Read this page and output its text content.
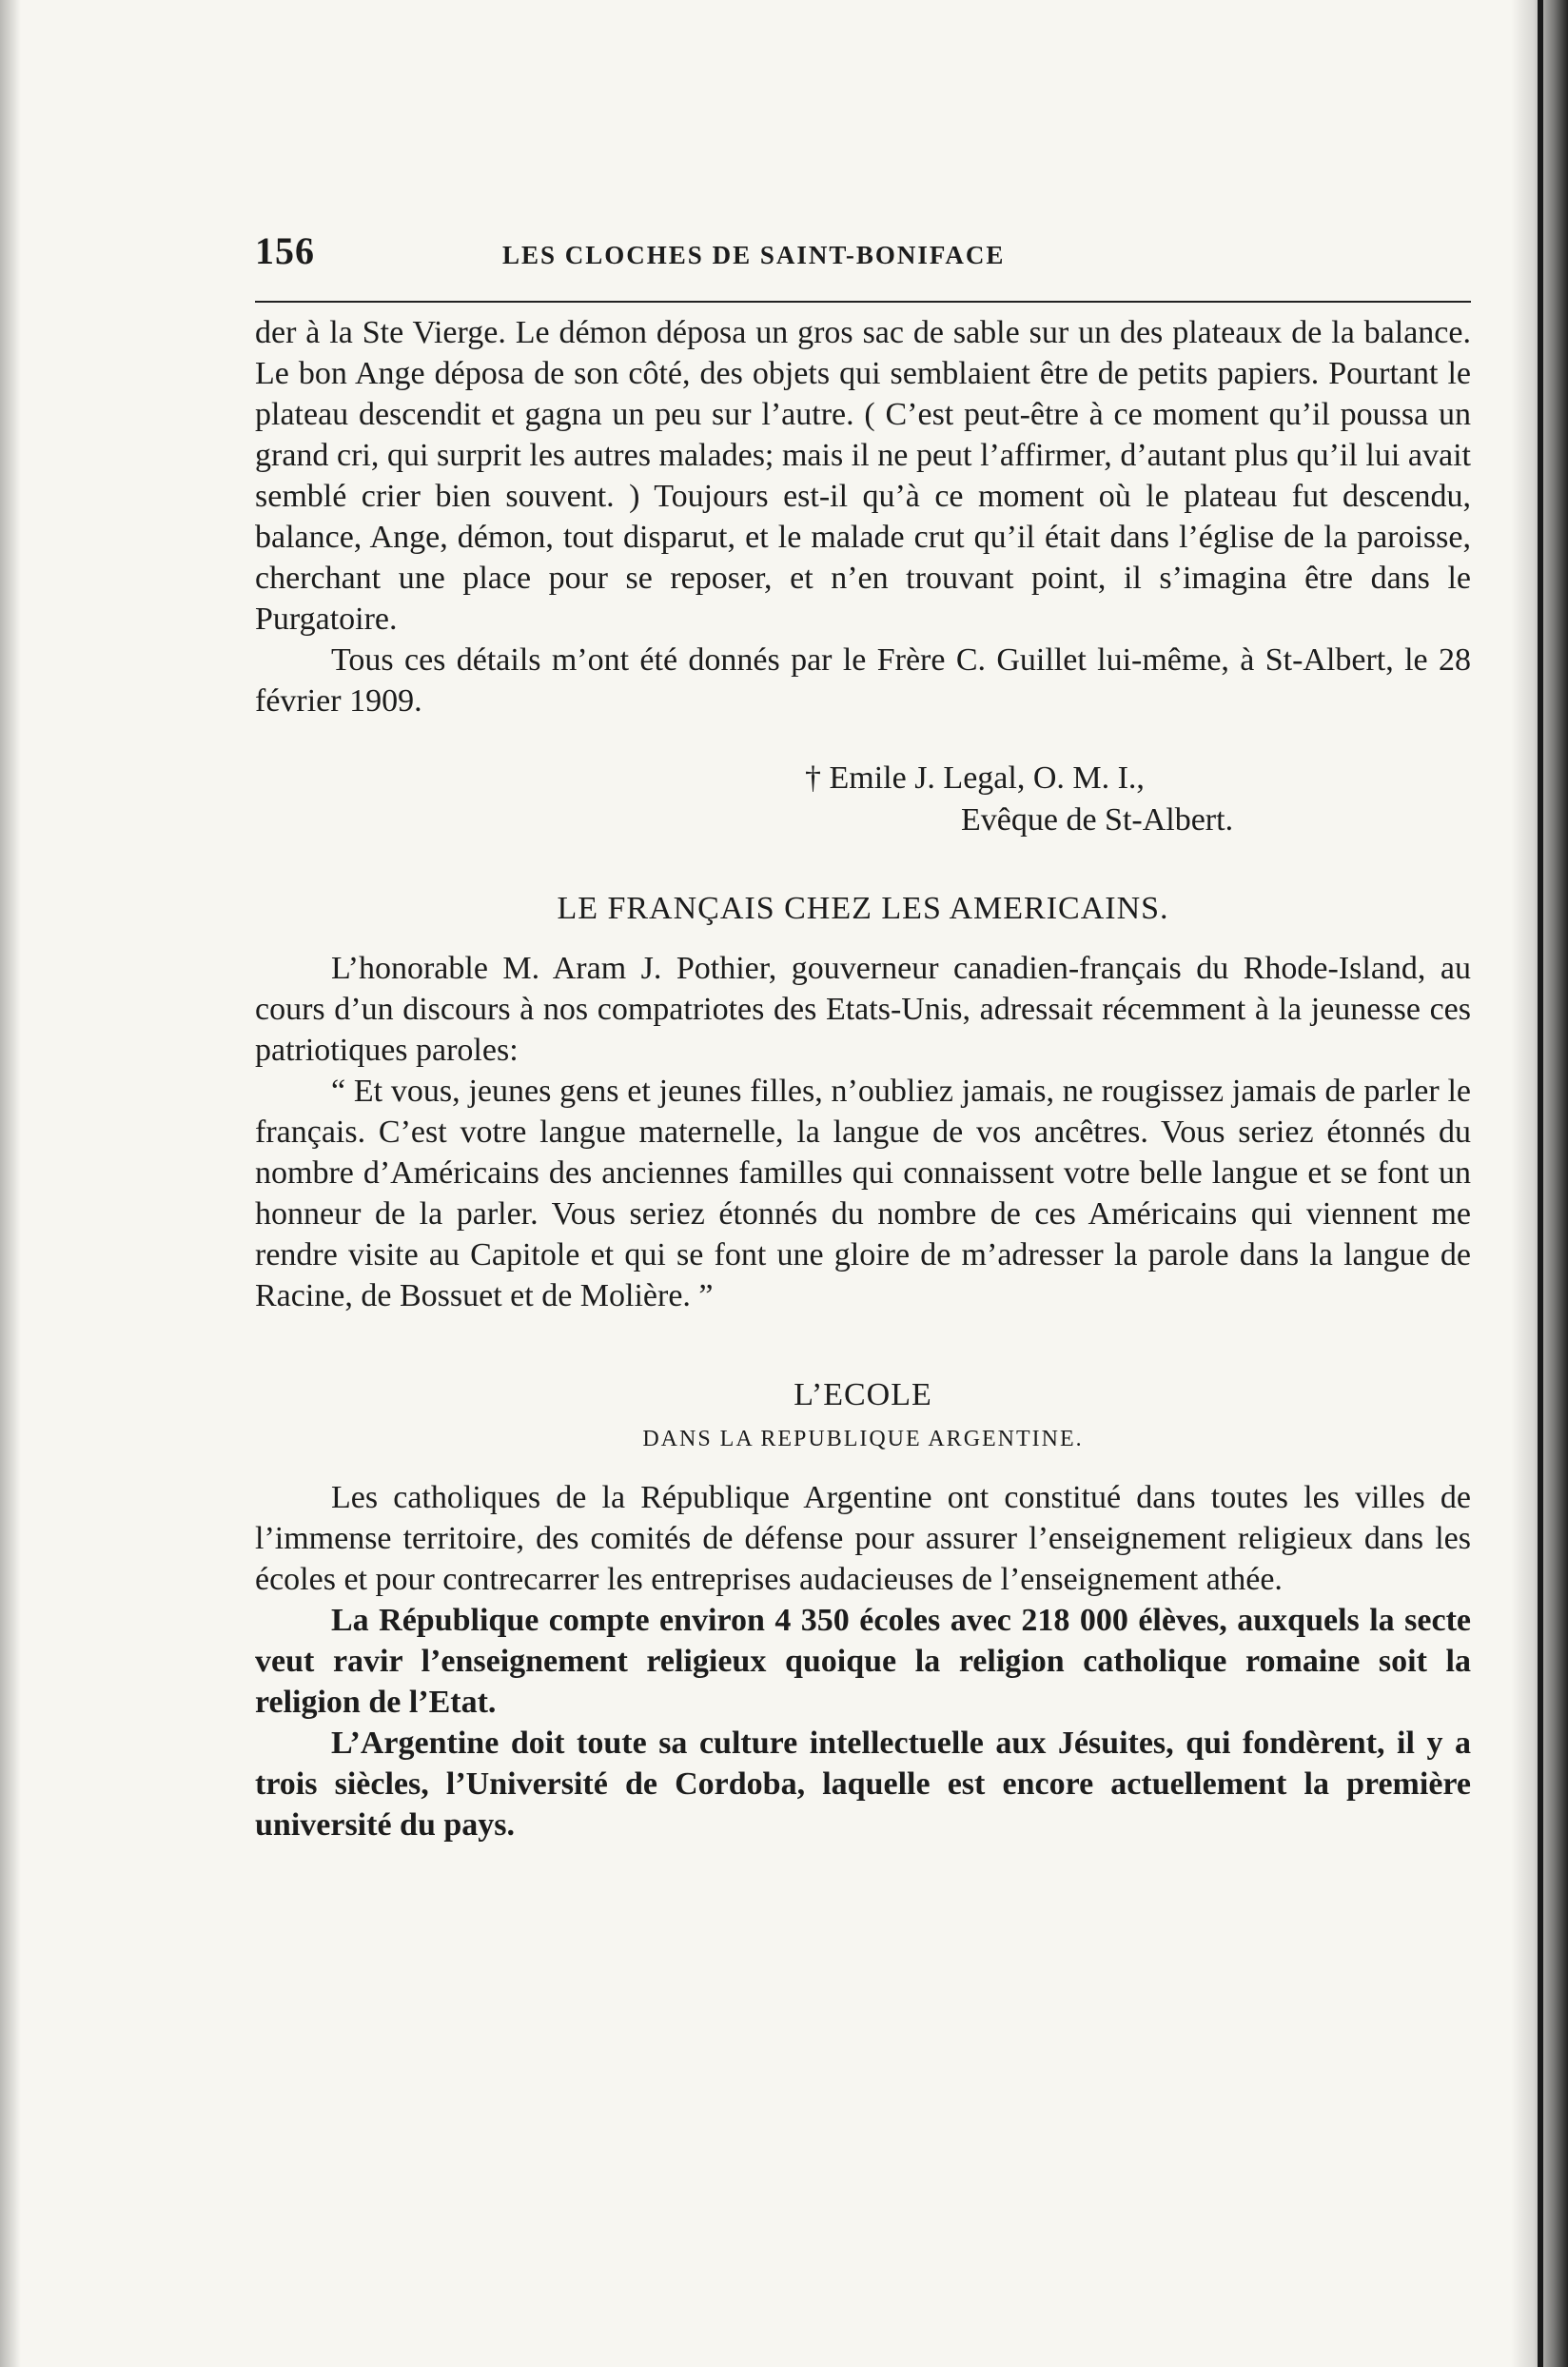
156	LES CLOCHES DE SAINT-BONIFACE

der à la Ste Vierge. Le démon déposa un gros sac de sable sur un des plateaux de la balance. Le bon Ange déposa de son côté, des objets qui semblaient être de petits papiers. Pourtant le plateau descendit et gagna un peu sur l’autre. ( C’est peut-être à ce moment qu’il poussa un grand cri, qui surprit les autres malades; mais il ne peut l’affirmer, d’autant plus qu’il lui avait semblé crier bien souvent. ) Toujours est-il qu’à ce moment où le plateau fut descendu, balance, Ange, démon, tout disparut, et le malade crut qu’il était dans l’église de la paroisse, cherchant une place pour se reposer, et n’en trouvant point, il s’imagina être dans le Purgatoire.

Tous ces détails m’ont été donnés par le Frère C. Guillet lui-même, à St-Albert, le 28 février 1909.

† Emile J. Legal, O. M. I.,
Evêque de St-Albert.
LE FRANÇAIS CHEZ LES AMERICAINS.

L’honorable M. Aram J. Pothier, gouverneur canadien-français du Rhode-Island, au cours d’un discours à nos compatriotes des Etats-Unis, adressait récemment à la jeunesse ces patriotiques paroles:

“ Et vous, jeunes gens et jeunes filles, n’oubliez jamais, ne rougissez jamais de parler le français. C’est votre langue maternelle, la langue de vos ancêtres. Vous seriez étonnés du nombre d’Américains des anciennes familles qui connaissent votre belle langue et se font un honneur de la parler. Vous seriez étonnés du nombre de ces Américains qui viennent me rendre visite au Capitole et qui se font une gloire de m’adresser la parole dans la langue de Racine, de Bossuet et de Molière. ”

L’ECOLE
DANS LA REPUBLIQUE ARGENTINE.

Les catholiques de la République Argentine ont constitué dans toutes les villes de l’immense territoire, des comités de défense pour assurer l’enseignement religieux dans les écoles et pour contrecarrer les entreprises audacieuses de l’enseignement athée.

La République compte environ 4 350 écoles avec 218 000 élèves, auxquels la secte veut ravir l’enseignement religieux quoique la religion catholique romaine soit la religion de l’Etat.

L’Argentine doit toute sa culture intellectuelle aux Jésuites, qui fondèrent, il y a trois siècles, l’Université de Cordoba, laquelle est encore actuellement la première université du pays.
